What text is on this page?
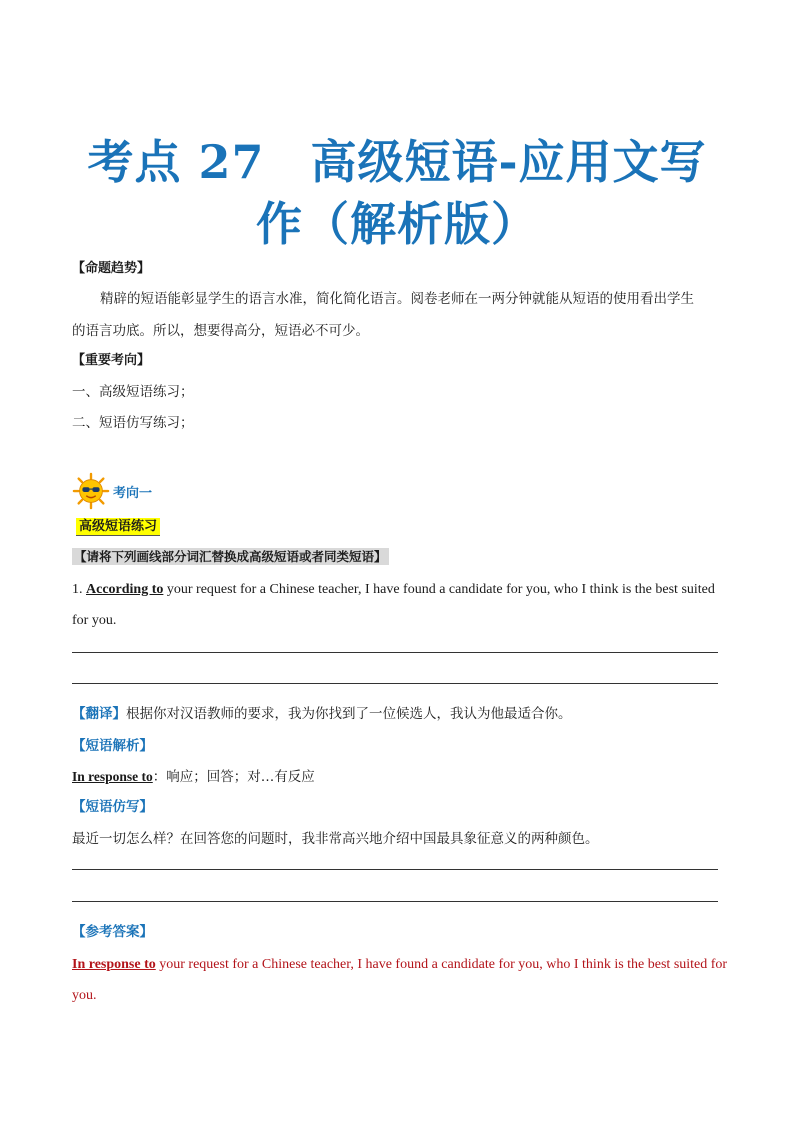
考点 27 高级短语-应用文写
作（解析版）
【命题趋势】
精辟的短语能彰显学生的语言水准，简化简化语言。阅卷老师在一两分钟就能从短语的使用看出学生
的语言功底。所以，想要得高分，短语必不可少。
【重要考向】
一、高级短语练习；
二、短语仿写练习；
考向一
高级短语练习
【请将下列画线部分词汇替换成高级短语或者同类短语】
1. According to your request for a Chinese teacher, I have found a candidate for you, who I think is the best suited
for you.
【翻译】根据你对汉语教师的要求，我为你找到了一位候选人，我认为他最适合你。
【短语解析】
In response to：响应；回答；对…有反应
【短语仿写】
最近一切怎么样？在回答您的问题时，我非常高兴地介绍中国最具象征意义的两种颜色。
【参考答案】
In response to your request for a Chinese teacher, I have found a candidate for you, who I think is the best suited for
you.
